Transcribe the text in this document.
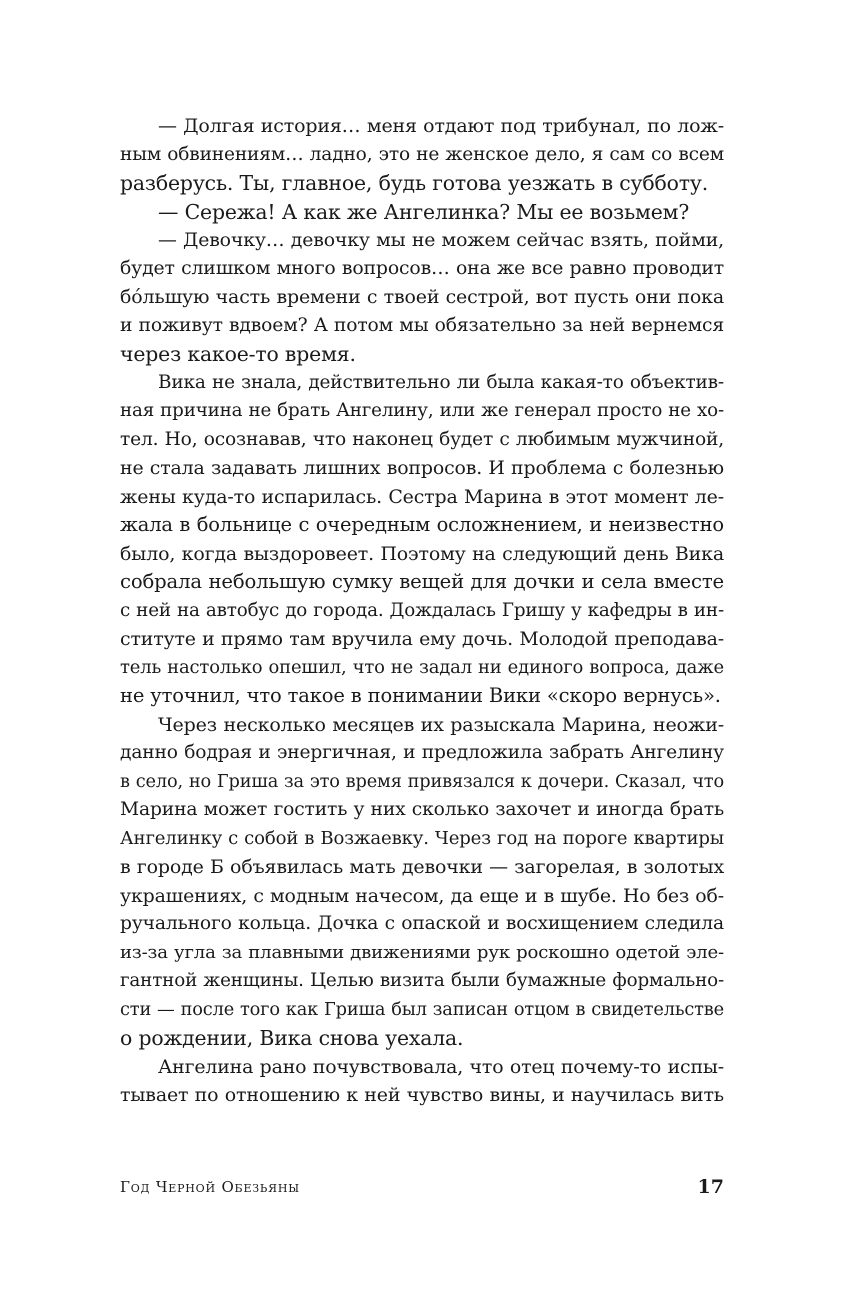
— Долгая история… меня отдают под трибунал, по лож-
ным обвинениям… ладно, это не женское дело, я сам со всем
разберусь. Ты, главное, будь готова уезжать в субботу.
— Сережа! А как же Ангелинка? Мы ее возьмем?
— Девочку… девочку мы не можем сейчас взять, пойми,
будет слишком много вопросов… она же все равно проводит
бóльшую часть времени с твоей сестрой, вот пусть они пока
и поживут вдвоем? А потом мы обязательно за ней вернемся
через какое-то время.
Вика не знала, действительно ли была какая-то объектив-
ная причина не брать Ангелину, или же генерал просто не хо-
тел. Но, осознавав, что наконец будет с любимым мужчиной,
не стала задавать лишних вопросов. И проблема с болезнью
жены куда-то испарилась. Сестра Марина в этот момент ле-
жала в больнице с очередным осложнением, и неизвестно
было, когда выздоровеет. Поэтому на следующий день Вика
собрала небольшую сумку вещей для дочки и села вместе
с ней на автобус до города. Дождалась Гришу у кафедры в ин-
ституте и прямо там вручила ему дочь. Молодой преподава-
тель настолько опешил, что не задал ни единого вопроса, даже
не уточнил, что такое в понимании Вики «скоро вернусь».
Через несколько месяцев их разыскала Марина, неожи-
данно бодрая и энергичная, и предложила забрать Ангелину
в село, но Гриша за это время привязался к дочери. Сказал, что
Марина может гостить у них сколько захочет и иногда брать
Ангелинку с собой в Возжаевку. Через год на пороге квартиры
в городе Б объявилась мать девочки — загорелая, в золотых
украшениях, с модным начесом, да еще и в шубе. Но без об-
ручального кольца. Дочка с опаской и восхищением следила
из-за угла за плавными движениями рук роскошно одетой эле-
гантной женщины. Целью визита были бумажные формально-
сти — после того как Гриша был записан отцом в свидетельстве
о рождении, Вика снова уехала.
Ангелина рано почувствовала, что отец почему-то испы-
тывает по отношению к ней чувство вины, и научилась вить
Год Черной Обезьяны	17
